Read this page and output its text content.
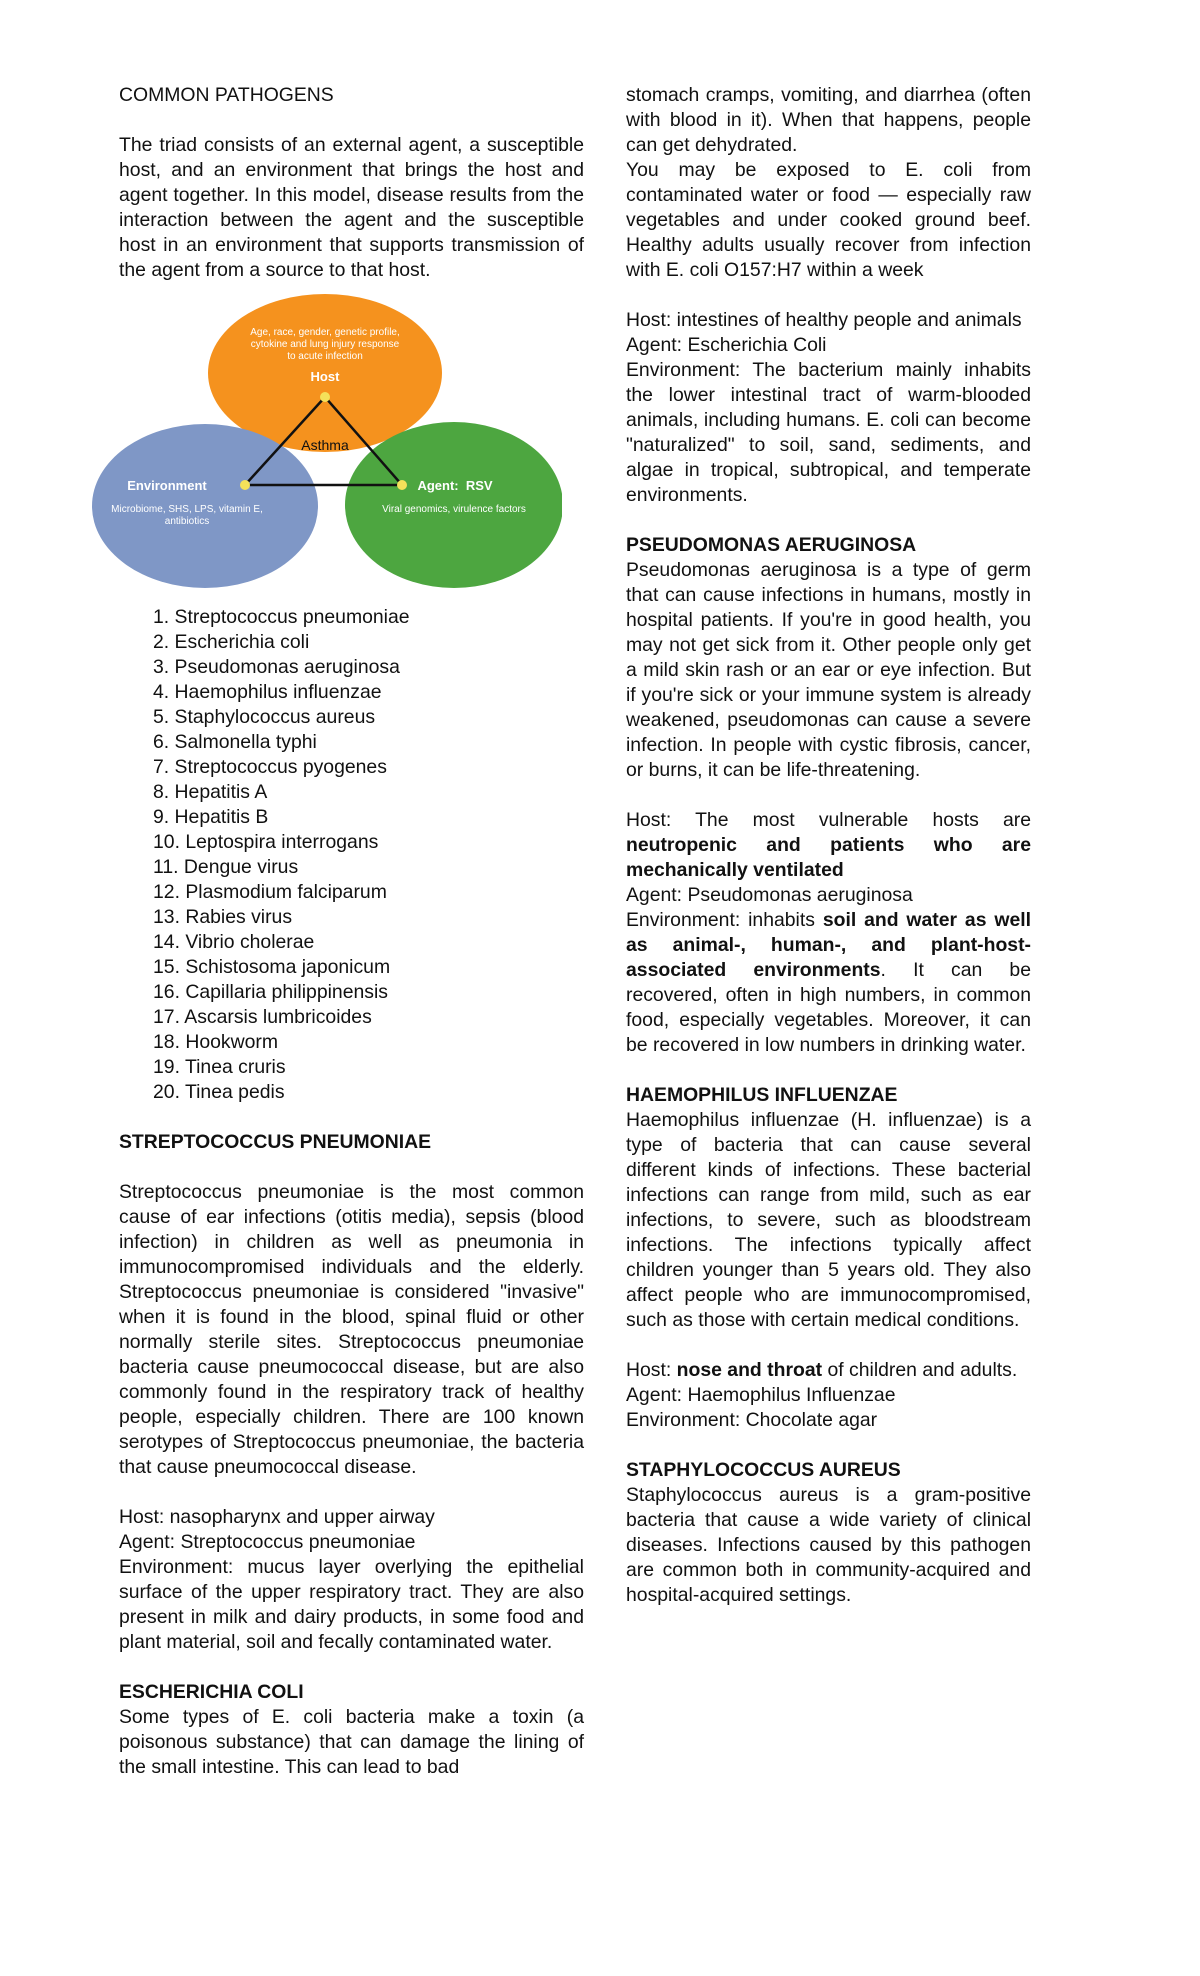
COMMON PATHOGENS

The triad consists of an external agent, a susceptible host, and an environment that brings the host and agent together. In this model, disease results from the interaction between the agent and the susceptible host in an environment that supports transmission of the agent from a source to that host.

Age, race, gender, genetic profile,
cytokine and lung injury response
to acute infection
Host
Asthma
Environment
Microbiome, SHS, LPS, vitamin E,
antibiotics
Agent:  RSV
Viral genomics, virulence factors
1. Streptococcus pneumoniae
2. Escherichia coli
3. Pseudomonas aeruginosa
4. Haemophilus influenzae
5. Staphylococcus aureus
6. Salmonella typhi
7. Streptococcus pyogenes
8. Hepatitis A
9. Hepatitis B
10. Leptospira interrogans
11. Dengue virus
12. Plasmodium falciparum
13. Rabies virus
14. Vibrio cholerae
15. Schistosoma japonicum
16. Capillaria philippinensis
17. Ascarsis lumbricoides
18. Hookworm
19. Tinea cruris
20. Tinea pedis

STREPTOCOCCUS PNEUMONIAE

Streptococcus pneumoniae is the most common cause of ear infections (otitis media), sepsis (blood infection) in children as well as pneumonia in immunocompromised individuals and the elderly. Streptococcus pneumoniae is considered "invasive" when it is found in the blood, spinal fluid or other normally sterile sites. Streptococcus pneumoniae bacteria cause pneumococcal disease, but are also commonly found in the respiratory track of healthy people, especially children. There are 100 known serotypes of Streptococcus pneumoniae, the bacteria that cause pneumococcal disease.

Host: nasopharynx and upper airway

Agent: Streptococcus pneumoniae

Environment: mucus layer overlying the epithelial surface of the upper respiratory tract. They are also present in milk and dairy products, in some food and plant material, soil and fecally contaminated water.

ESCHERICHIA COLI

Some types of E. coli bacteria make a toxin (a poisonous substance) that can damage the lining of the small intestine. This can lead to bad

stomach cramps, vomiting, and diarrhea (often with blood in it). When that happens, people can get dehydrated.

You may be exposed to E. coli from contaminated water or food — especially raw vegetables and under cooked ground beef. Healthy adults usually recover from infection with E. coli O157:H7 within a week

Host: intestines of healthy people and animals

Agent: Escherichia Coli

Environment: The bacterium mainly inhabits the lower intestinal tract of warm-blooded animals, including humans. E. coli can become "naturalized" to soil, sand, sediments, and algae in tropical, subtropical, and temperate environments.

PSEUDOMONAS AERUGINOSA

Pseudomonas aeruginosa is a type of germ that can cause infections in humans, mostly in hospital patients. If you're in good health, you may not get sick from it. Other people only get a mild skin rash or an ear or eye infection. But if you're sick or your immune system is already weakened, pseudomonas can cause a severe infection. In people with cystic fibrosis, cancer, or burns, it can be life-threatening.

Host: The most vulnerable hosts are neutropenic and patients who are mechanically ventilated

Agent: Pseudomonas aeruginosa

Environment: inhabits soil and water as well as animal-, human-, and plant-host-associated environments. It can be recovered, often in high numbers, in common food, especially vegetables. Moreover, it can be recovered in low numbers in drinking water.

HAEMOPHILUS INFLUENZAE

Haemophilus influenzae (H. influenzae) is a type of bacteria that can cause several different kinds of infections. These bacterial infections can range from mild, such as ear infections, to severe, such as bloodstream infections. The infections typically affect children younger than 5 years old. They also affect people who are immunocompromised, such as those with certain medical conditions.

Host: nose and throat of children and adults.

Agent: Haemophilus Influenzae

Environment: Chocolate agar

STAPHYLOCOCCUS AUREUS

Staphylococcus aureus is a gram-positive bacteria that cause a wide variety of clinical diseases. Infections caused by this pathogen are common both in community-acquired and hospital-acquired settings.
